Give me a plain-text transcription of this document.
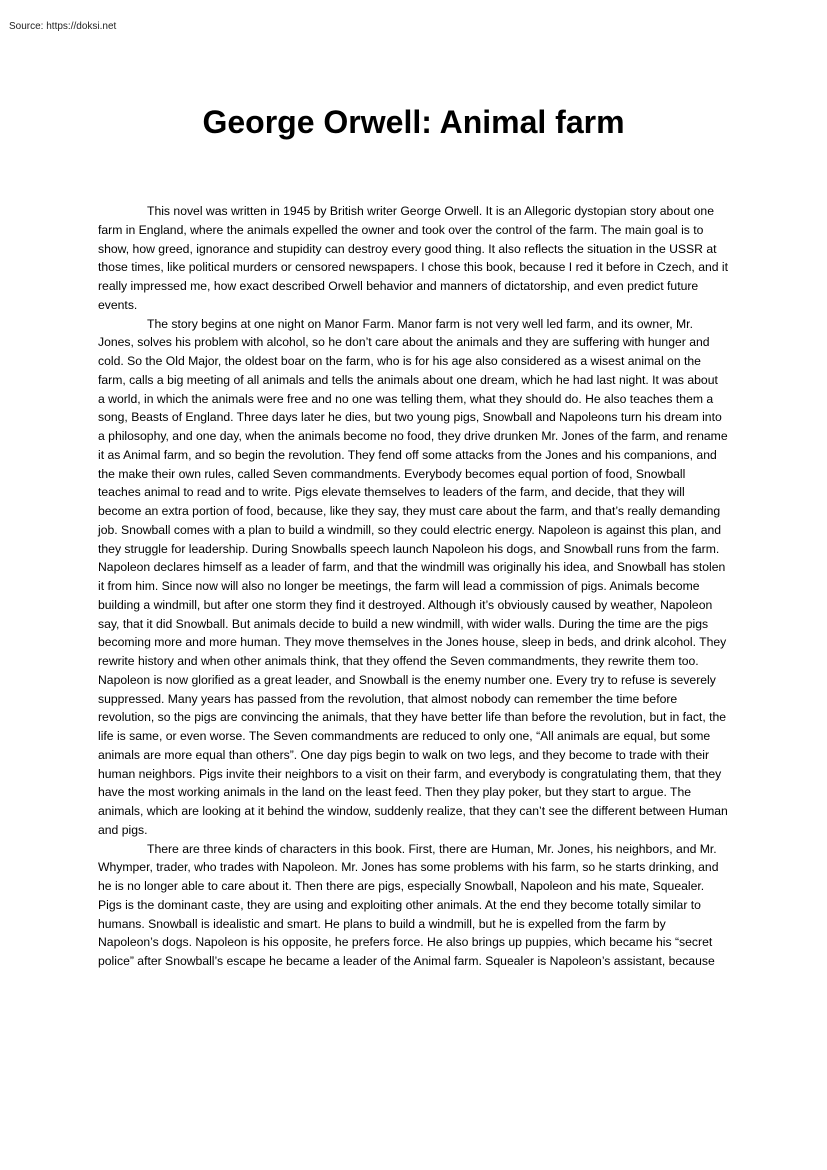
Source: https://doksi.net
George Orwell: Animal farm

This novel was written in 1945 by British writer George Orwell. It is an Allegoric dystopian story about one farm in England, where the animals expelled the owner and took over the control of the farm. The main goal is to show, how greed, ignorance and stupidity can destroy every good thing. It also reflects the situation in the USSR at those times, like political murders or censored newspapers. I chose this book, because I red it before in Czech, and it really impressed me, how exact described Orwell behavior and manners of dictatorship, and even predict future events.

The story begins at one night on Manor Farm. Manor farm is not very well led farm, and its owner, Mr. Jones, solves his problem with alcohol, so he don’t care about the animals and they are suffering with hunger and cold. So the Old Major, the oldest boar on the farm, who is for his age also considered as a wisest animal on the farm, calls a big meeting of all animals and tells the animals about one dream, which he had last night. It was about a world, in which the animals were free and no one was telling them, what they should do. He also teaches them a song, Beasts of England. Three days later he dies, but two young pigs, Snowball and Napoleons turn his dream into a philosophy, and one day, when the animals become no food, they drive drunken Mr. Jones of the farm, and rename it as Animal farm, and so begin the revolution. They fend off some attacks from the Jones and his companions, and the make their own rules, called Seven commandments. Everybody becomes equal portion of food, Snowball teaches animal to read and to write. Pigs elevate themselves to leaders of the farm, and decide, that they will become an extra portion of food, because, like they say, they must care about the farm, and that’s really demanding job. Snowball comes with a plan to build a windmill, so they could electric energy. Napoleon is against this plan, and they struggle for leadership. During Snowballs speech launch Napoleon his dogs, and Snowball runs from the farm. Napoleon declares himself as a leader of farm, and that the windmill was originally his idea, and Snowball has stolen it from him. Since now will also no longer be meetings, the farm will lead a commission of pigs. Animals become building a windmill, but after one storm they find it destroyed. Although it’s obviously caused by weather, Napoleon say, that it did Snowball. But animals decide to build a new windmill, with wider walls. During the time are the pigs becoming more and more human. They move themselves in the Jones house, sleep in beds, and drink alcohol. They rewrite history and when other animals think, that they offend the Seven commandments, they rewrite them too. Napoleon is now glorified as a great leader, and Snowball is the enemy number one. Every try to refuse is severely suppressed. Many years has passed from the revolution, that almost nobody can remember the time before revolution, so the pigs are convincing the animals, that they have better life than before the revolution, but in fact, the life is same, or even worse. The Seven commandments are reduced to only one, “All animals are equal, but some animals are more equal than others”. One day pigs begin to walk on two legs, and they become to trade with their human neighbors. Pigs invite their neighbors to a visit on their farm, and everybody is congratulating them, that they have the most working animals in the land on the least feed. Then they play poker, but they start to argue. The animals, which are looking at it behind the window, suddenly realize, that they can’t see the different between Human and pigs.

There are three kinds of characters in this book. First, there are Human, Mr. Jones, his neighbors, and Mr. Whymper, trader, who trades with Napoleon. Mr. Jones has some problems with his farm, so he starts drinking, and he is no longer able to care about it. Then there are pigs, especially Snowball, Napoleon and his mate, Squealer. Pigs is the dominant caste, they are using and exploiting other animals. At the end they become totally similar to humans. Snowball is idealistic and smart. He plans to build a windmill, but he is expelled from the farm by Napoleon’s dogs. Napoleon is his opposite, he prefers force. He also brings up puppies, which became his “secret police” after Snowball’s escape he became a leader of the Animal farm. Squealer is Napoleon’s assistant, because
